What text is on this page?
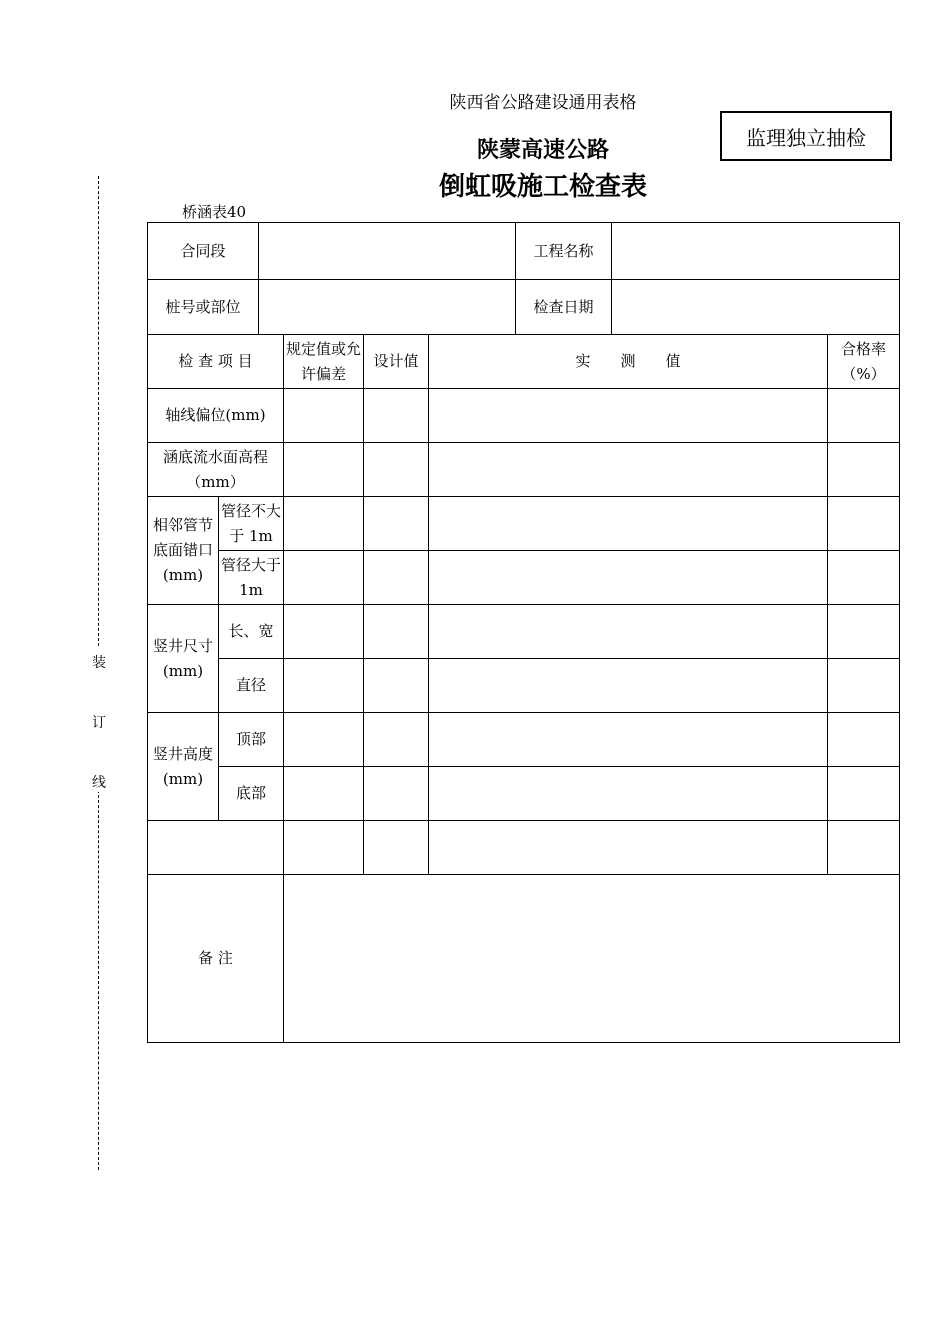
陕西省公路建设通用表格
陕蒙高速公路
倒虹吸施工检查表
监理独立抽检
桥涵表40
装
订
线
合同段						工程名称		
桩号或部位						检查日期		
检 查 项 目			规定值或允许偏差	设计值	实　　测　　值			合格率（%）
轴线偏位(mm)								
涵底流水面高程（mm）								
相邻管节底面错口(mm)	管径不大于 1m							
	管径大于 1m							
竖井尺寸(mm)	长、宽							
	直径							
竖井高度(mm)	顶部							
	底部							

备 注								
